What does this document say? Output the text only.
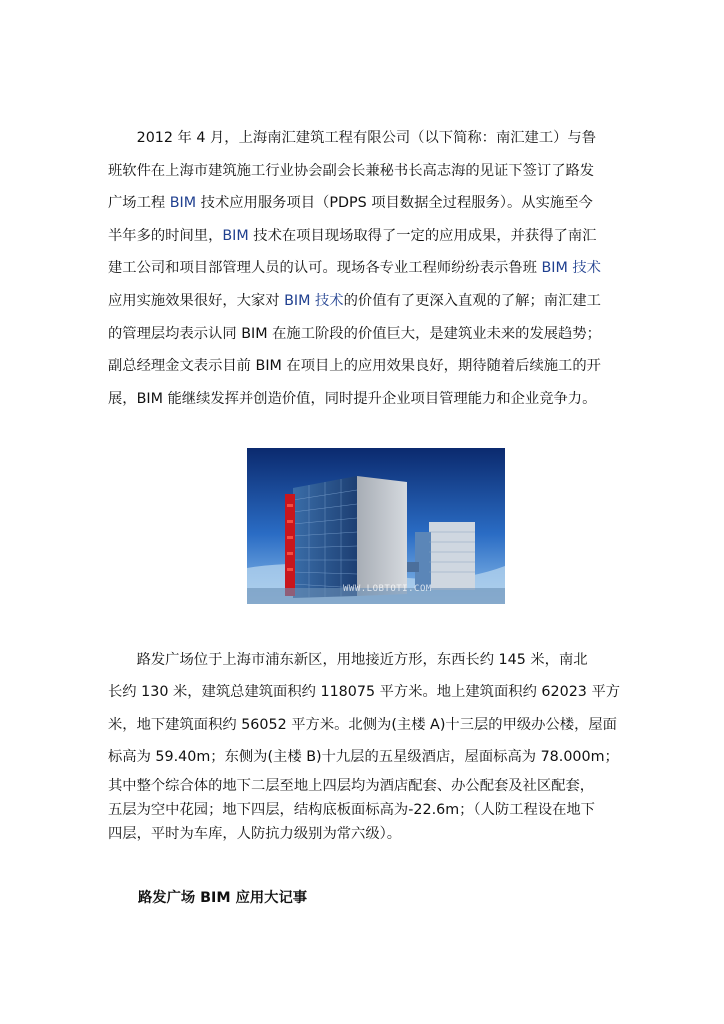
　　2012 年 4 月，上海南汇建筑工程有限公司（以下简称：南汇建工）与鲁
班软件在上海市建筑施工行业协会副会长兼秘书长高志海的见证下签订了路发
广场工程 BIM 技术应用服务项目（PDPS 项目数据全过程服务）。从实施至今
半年多的时间里，BIM 技术在项目现场取得了一定的应用成果，并获得了南汇
建工公司和项目部管理人员的认可。现场各专业工程师纷纷表示鲁班 BIM 技术
应用实施效果很好，大家对 BIM 技术的价值有了更深入直观的了解；南汇建工
的管理层均表示认同 BIM 在施工阶段的价值巨大，是建筑业未来的发展趋势；
副总经理金文表示目前 BIM 在项目上的应用效果良好，期待随着后续施工的开
展，BIM 能继续发挥并创造价值，同时提升企业项目管理能力和企业竞争力。

WWW.LOBTOTI.COM

　　路发广场位于上海市浦东新区，用地接近方形，东西长约 145 米，南北
长约 130 米，建筑总建筑面积约 118075 平方米。地上建筑面积约 62023 平方
米，地下建筑面积约 56052 平方米。北侧为(主楼 A)十三层的甲级办公楼，屋面
标高为 59.40m；东侧为(主楼 B)十九层的五星级酒店，屋面标高为 78.000m；
其中整个综合体的地下二层至地上四层均为酒店配套、办公配套及社区配套，
五层为空中花园；地下四层，结构底板面标高为-22.6m；（人防工程设在地下
四层，平时为车库，人防抗力级别为常六级）。

路发广场 BIM 应用大记事
